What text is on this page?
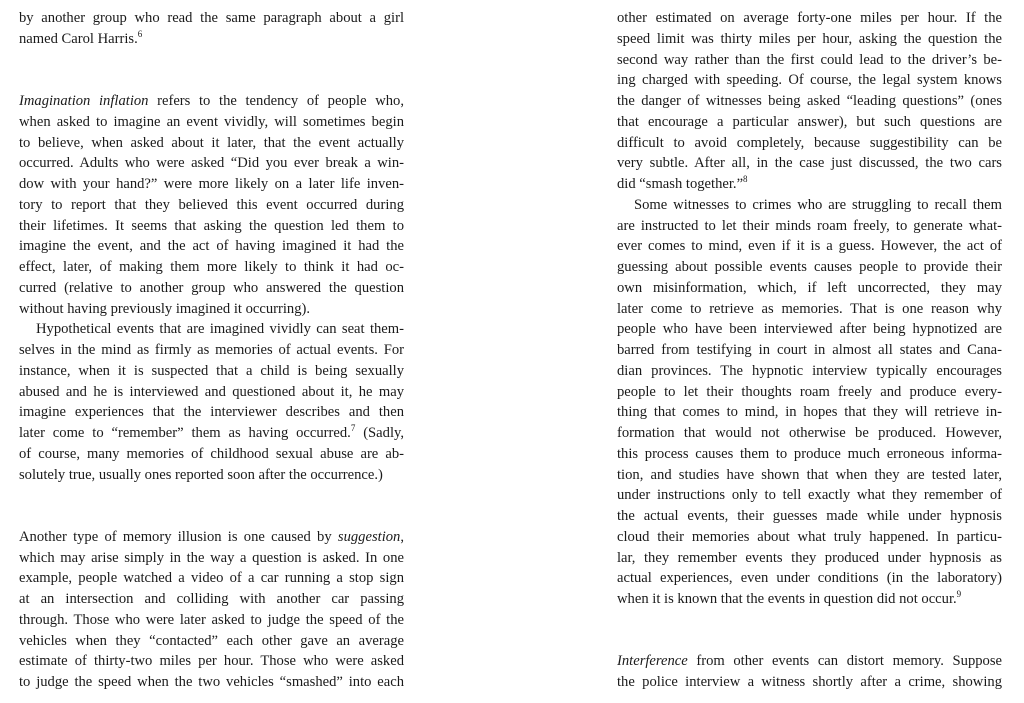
by another group who read the same paragraph about a girl
named Carol Harris.$^6$
Imagination inflation refers to the tendency of people who,
when asked to imagine an event vividly, will sometimes begin
to believe, when asked about it later, that the event actually
occurred. Adults who were asked “Did you ever break a win-
dow with your hand?” were more likely on a later life inven-
tory to report that they believed this event occurred during
their lifetimes. It seems that asking the question led them to
imagine the event, and the act of having imagined it had the
effect, later, of making them more likely to think it had oc-
curred (relative to another group who answered the question
without having previously imagined it occurring).
Hypothetical events that are imagined vividly can seat them-
selves in the mind as firmly as memories of actual events. For
instance, when it is suspected that a child is being sexually
abused and he is interviewed and questioned about it, he may
imagine experiences that the interviewer describes and then
later come to “remember” them as having occurred.$^7$ (Sadly,
of course, many memories of childhood sexual abuse are ab-
solutely true, usually ones reported soon after the occurrence.)
Another type of memory illusion is one caused by suggestion,
which may arise simply in the way a question is asked. In one
example, people watched a video of a car running a stop sign
at an intersection and colliding with another car passing
through. Those who were later asked to judge the speed of the
vehicles when they “contacted” each other gave an average
estimate of thirty-two miles per hour. Those who were asked
to judge the speed when the two vehicles “smashed” into each
other estimated on average forty-one miles per hour. If the
speed limit was thirty miles per hour, asking the question the
second way rather than the first could lead to the driver’s be-
ing charged with speeding. Of course, the legal system knows
the danger of witnesses being asked “leading questions” (ones
that encourage a particular answer), but such questions are
difficult to avoid completely, because suggestibility can be
very subtle. After all, in the case just discussed, the two cars
did “smash together.”$^8$
Some witnesses to crimes who are struggling to recall them
are instructed to let their minds roam freely, to generate what-
ever comes to mind, even if it is a guess. However, the act of
guessing about possible events causes people to provide their
own misinformation, which, if left uncorrected, they may
later come to retrieve as memories. That is one reason why
people who have been interviewed after being hypnotized are
barred from testifying in court in almost all states and Cana-
dian provinces. The hypnotic interview typically encourages
people to let their thoughts roam freely and produce every-
thing that comes to mind, in hopes that they will retrieve in-
formation that would not otherwise be produced. However,
this process causes them to produce much erroneous informa-
tion, and studies have shown that when they are tested later,
under instructions only to tell exactly what they remember of
the actual events, their guesses made while under hypnosis
cloud their memories about what truly happened. In particu-
lar, they remember events they produced under hypnosis as
actual experiences, even under conditions (in the laboratory)
when it is known that the events in question did not occur.$^9$
Interference from other events can distort memory. Suppose
the police interview a witness shortly after a crime, showing
